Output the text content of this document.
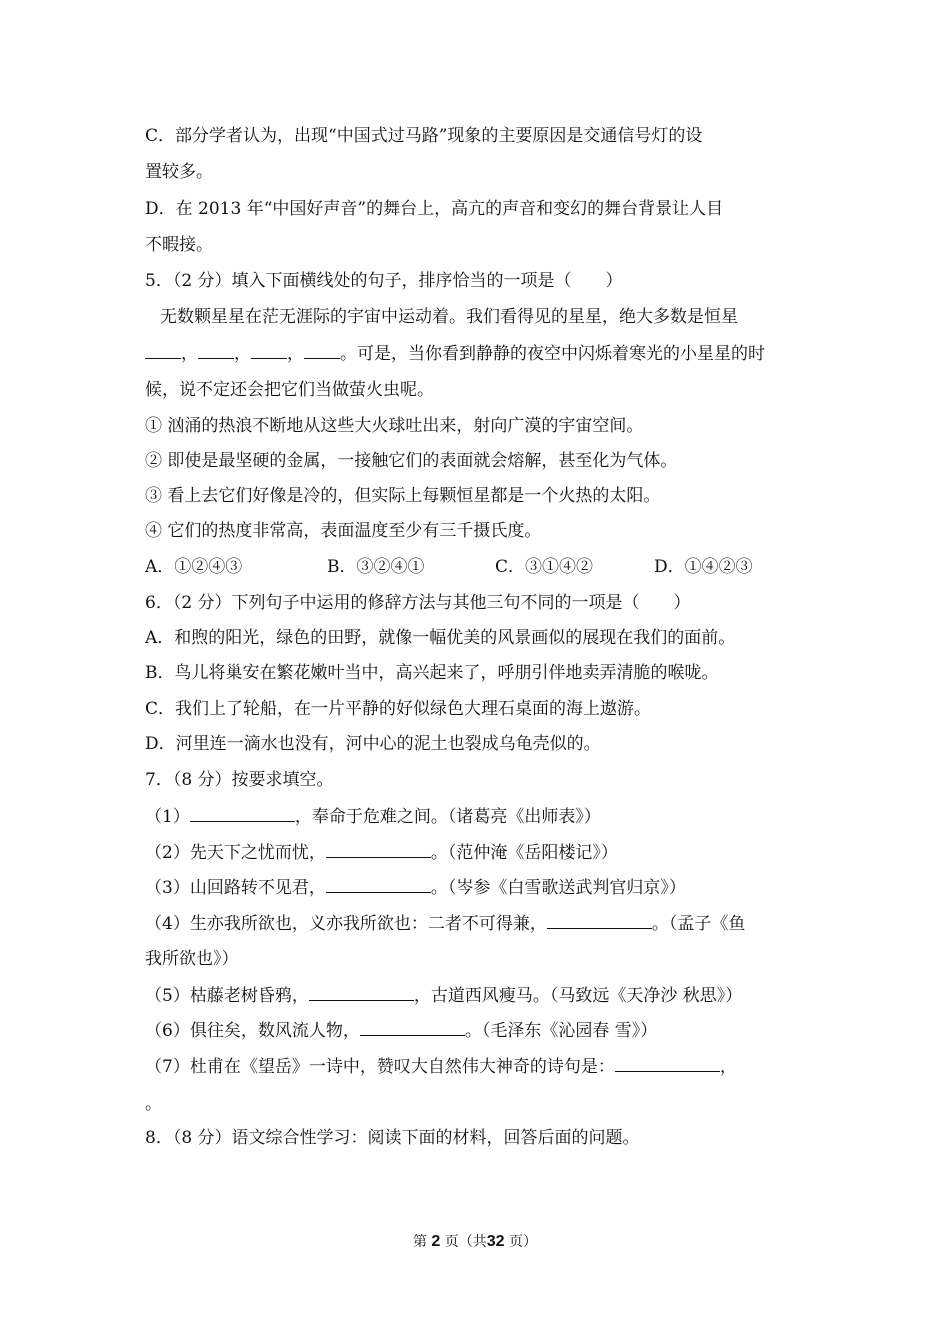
C．部分学者认为，出现“中国式过马路”现象的主要原因是交通信号灯的设
置较多。
D．在 2013 年“中国好声音”的舞台上，高亢的声音和变幻的舞台背景让人目
不暇接。
5．（2 分）填入下面横线处的句子，排序恰当的一项是（　　）
无数颗星星在茫无涯际的宇宙中运动着。我们看得见的星星，绝大多数是恒星
， ， ， 。可是，当你看到静静的夜空中闪烁着寒光的小星星的时
候，说不定还会把它们当做萤火虫呢。
① 汹涌的热浪不断地从这些大火球吐出来，射向广漠的宇宙空间。
② 即使是最坚硬的金属，一接触它们的表面就会熔解，甚至化为气体。
③ 看上去它们好像是冷的，但实际上每颗恒星都是一个火热的太阳。
④ 它们的热度非常高，表面温度至少有三千摄氏度。
A．①②④③	B．③②④①	C．③①④②	D．①④②③
6．（2 分）下列句子中运用的修辞方法与其他三句不同的一项是（　　）
A．和煦的阳光，绿色的田野，就像一幅优美的风景画似的展现在我们的面前。
B．鸟儿将巢安在繁花嫩叶当中，高兴起来了，呼朋引伴地卖弄清脆的喉咙。
C．我们上了轮船，在一片平静的好似绿色大理石桌面的海上遨游。
D．河里连一滴水也没有，河中心的泥土也裂成乌龟壳似的。
7．（8 分）按要求填空。
（1）	，奉命于危难之间。（诸葛亮《出师表》）
（2）先天下之忧而忧，	。（范仲淹《岳阳楼记》）
（3）山回路转不见君，	。（岑参《白雪歌送武判官归京》）
（4）生亦我所欲也，义亦我所欲也：二者不可得兼，	。（孟子《鱼
我所欲也》）
（5）枯藤老树昏鸦，	，古道西风瘦马。（马致远《天净沙 秋思》）
（6）俱往矣，数风流人物，	。（毛泽东《沁园春 雪》）
（7）杜甫在《望岳》一诗中，赞叹大自然伟大神奇的诗句是：	，
。
8．（8 分）语文综合性学习：阅读下面的材料，回答后面的问题。
第 2 页（共32 页）
